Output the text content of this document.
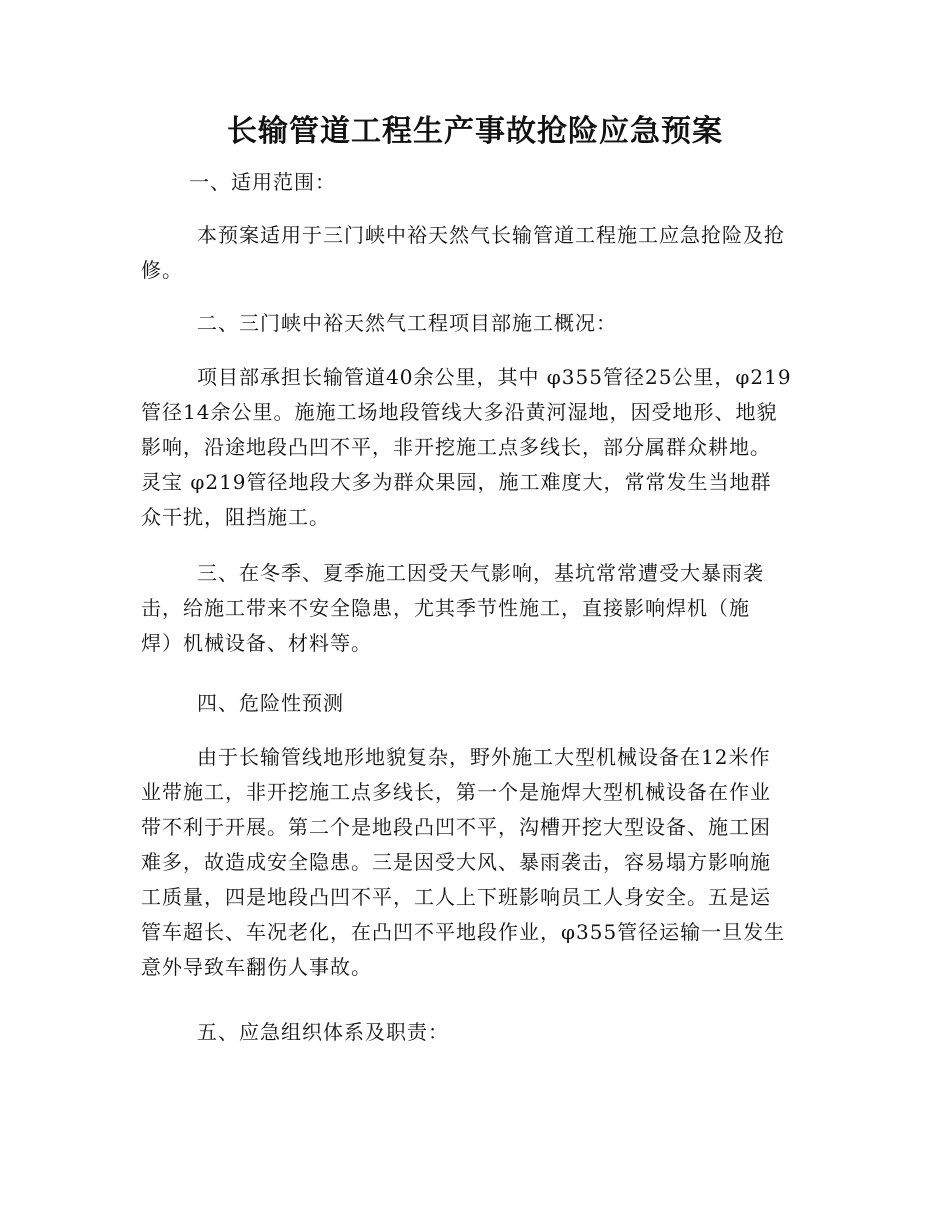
长输管道工程生产事故抢险应急预案

一、适用范围：

本预案适用于三门峡中裕天然气长输管道工程施工应急抢险及抢
修。

二、三门峡中裕天然气工程项目部施工概况：

项目部承担长输管道40余公里，其中 φ355管径25公里，φ219
管径14余公里。施施工场地段管线大多沿黄河湿地，因受地形、地貌
影响，沿途地段凸凹不平，非开挖施工点多线长，部分属群众耕地。
灵宝 φ219管径地段大多为群众果园，施工难度大，常常发生当地群
众干扰，阻挡施工。

三、在冬季、夏季施工因受天气影响，基坑常常遭受大暴雨袭
击，给施工带来不安全隐患，尤其季节性施工，直接影响焊机（施
焊）机械设备、材料等。

四、危险性预测

由于长输管线地形地貌复杂，野外施工大型机械设备在12米作
业带施工，非开挖施工点多线长，第一个是施焊大型机械设备在作业
带不利于开展。第二个是地段凸凹不平，沟槽开挖大型设备、施工困
难多，故造成安全隐患。三是因受大风、暴雨袭击，容易塌方影响施
工质量，四是地段凸凹不平，工人上下班影响员工人身安全。五是运
管车超长、车况老化，在凸凹不平地段作业，φ355管径运输一旦发生
意外导致车翻伤人事故。

五、应急组织体系及职责：
